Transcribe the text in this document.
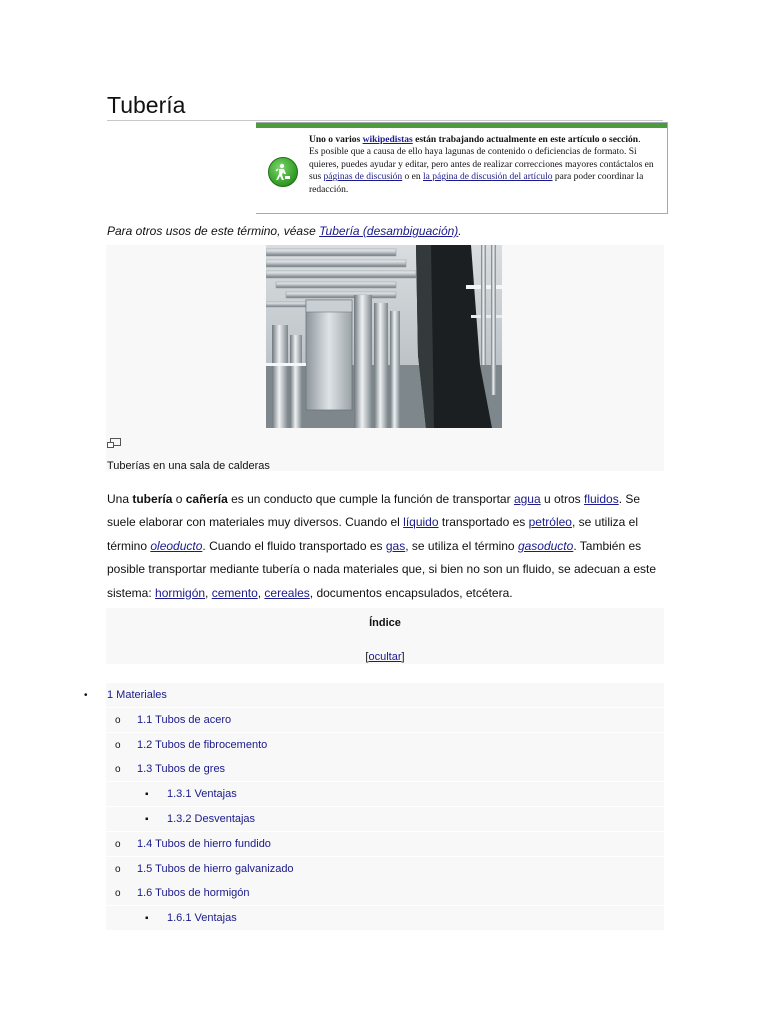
Tubería
Uno o varios wikipedistas están trabajando actualmente en este artículo o sección.
Es posible que a causa de ello haya lagunas de contenido o deficiencias de formato. Si quieres, puedes ayudar y editar, pero antes de realizar correcciones mayores contáctalos en sus páginas de discusión o en la página de discusión del artículo para poder coordinar la redacción.
Para otros usos de este término, véase Tubería (desambiguación).
Tuberías en una sala de calderas

Una tubería o cañería es un conducto que cumple la función de transportar agua u otros fluidos. Se suele elaborar con materiales muy diversos. Cuando el líquido transportado es petróleo, se utiliza el término oleoducto. Cuando el fluido transportado es gas, se utiliza el término gasoducto. También es posible transportar mediante tubería o nada materiales que, si bien no son un fluido, se adecuan a este sistema: hormigón, cemento, cereales, documentos encapsulados, etcétera.

Índice
[ocultar]
• 1 Materiales
o 1.1 Tubos de acero
o 1.2 Tubos de fibrocemento
o 1.3 Tubos de gres
▪ 1.3.1 Ventajas
▪ 1.3.2 Desventajas
o 1.4 Tubos de hierro fundido
o 1.5 Tubos de hierro galvanizado
o 1.6 Tubos de hormigón
▪ 1.6.1 Ventajas
